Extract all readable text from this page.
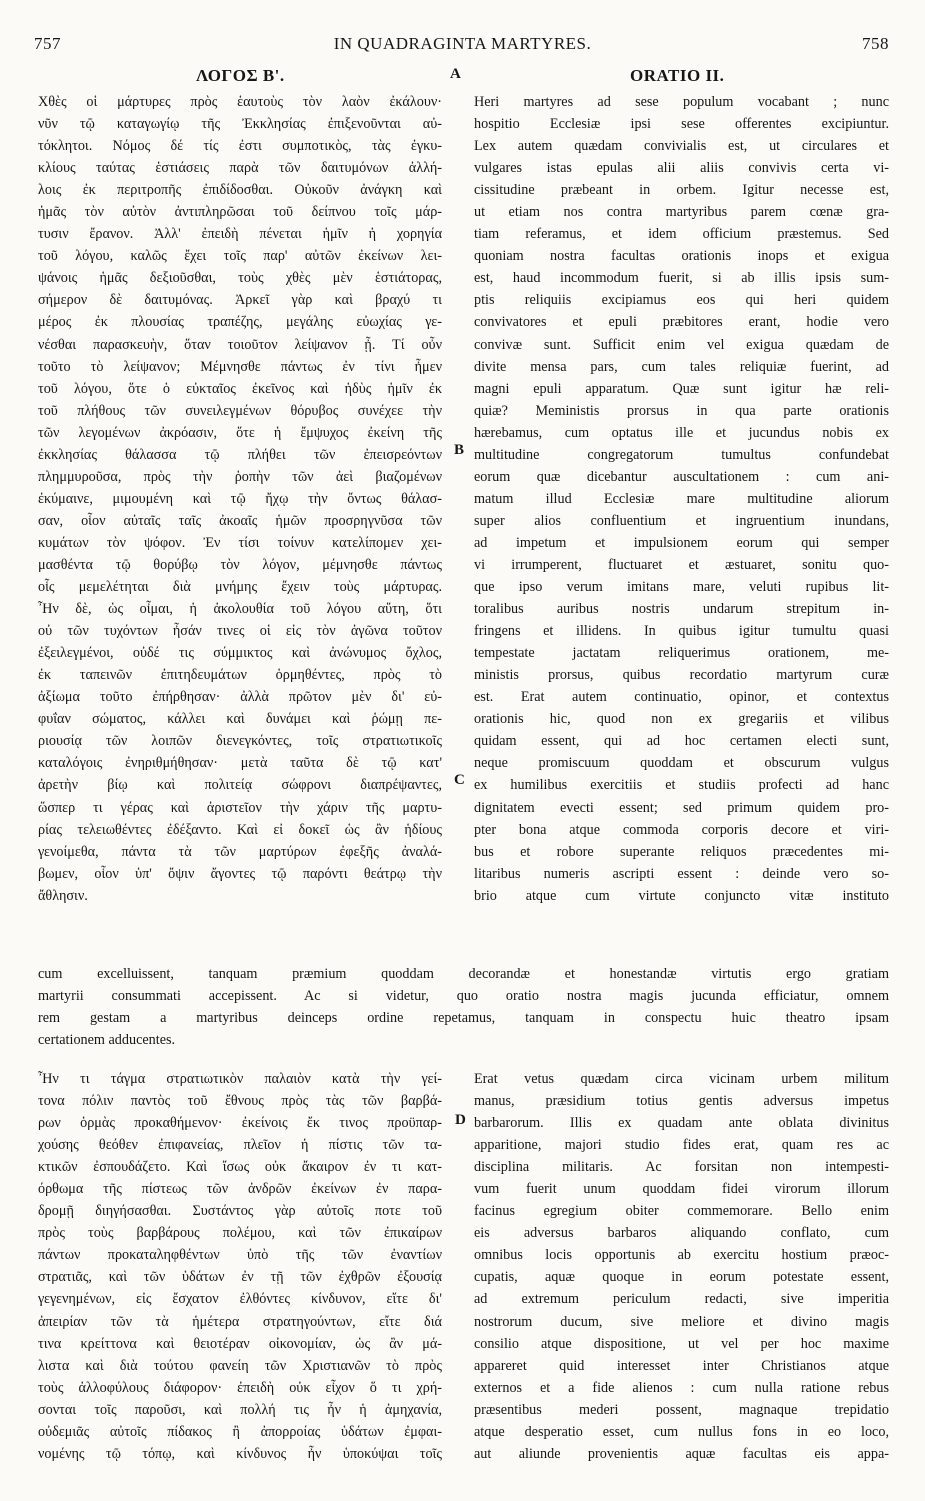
757	IN QUADRAGINTA MARTYRES.	758
ΛΟΓΟΣ Β'.	ORATIO II.
A
B
C
D
Χθὲς οἱ μάρτυρες πρὸς ἑαυτοὺς τὸν λαὸν ἐκάλουν·
νῦν τῷ καταγωγίῳ τῆς Ἐκκλησίας ἐπιξενοῦνται αὐ-
τόκλητοι. Νόμος δέ τίς ἐστι συμποτικὸς, τὰς ἐγκυ-
κλίους ταύτας ἑστιάσεις παρὰ τῶν δαιτυμόνων ἀλλή-
λοις ἐκ περιτροπῆς ἐπιδίδοσθαι. Οὐκοῦν ἀνάγκη καὶ
ἡμᾶς τὸν αὐτὸν ἀντιπληρῶσαι τοῦ δείπνου τοῖς μάρ-
τυσιν ἔρανον. Ἀλλ' ἐπειδὴ πένεται ἡμῖν ἡ χορηγία
τοῦ λόγου, καλῶς ἔχει τοῖς παρ' αὐτῶν ἐκείνων λει-
ψάνοις ἡμᾶς δεξιοῦσθαι, τοὺς χθὲς μὲν ἑστιάτορας,
σήμερον δὲ δαιτυμόνας. Ἀρκεῖ γὰρ καὶ βραχύ τι
μέρος ἐκ πλουσίας τραπέζης, μεγάλης εὐωχίας γε-
νέσθαι παρασκευὴν, ὅταν τοιοῦτον λείψανον ᾖ. Τί οὖν
τοῦτο τὸ λείψανον; Μέμνησθε πάντως ἐν τίνι ἦμεν
τοῦ λόγου, ὅτε ὁ εὐκταῖος ἐκεῖνος καὶ ἡδὺς ἡμῖν ἐκ
τοῦ πλήθους τῶν συνειλεγμένων θόρυβος συνέχεε τὴν
τῶν λεγομένων ἀκρόασιν, ὅτε ἡ ἔμψυχος ἐκείνη τῆς
ἐκκλησίας θάλασσα τῷ πλήθει τῶν ἐπεισρεόντων
πλημμυροῦσα, πρὸς τὴν ῥοπὴν τῶν ἀεὶ βιαζομένων
ἐκύμαινε, μιμουμένη καὶ τῷ ἤχῳ τὴν ὄντως θάλασ-
σαν, οἷον αὐταῖς ταῖς ἀκοαῖς ἡμῶν προσρηγνῦσα τῶν
κυμάτων τὸν ψόφον. Ἐν τίσι τοίνυν κατελίπομεν χει-
μασθέντα τῷ θορύβῳ τὸν λόγον, μέμνησθε πάντως
οἷς μεμελέτηται διὰ μνήμης ἔχειν τοὺς μάρτυρας.
Ἦν δὲ, ὡς οἶμαι, ἡ ἀκολουθία τοῦ λόγου αὕτη, ὅτι
οὐ τῶν τυχόντων ἦσάν τινες οἱ εἰς τὸν ἀγῶνα τοῦτον
ἐξειλεγμένοι, οὐδέ τις σύμμικτος καὶ ἀνώνυμος ὄχλος,
ἐκ ταπεινῶν ἐπιτηδευμάτων ὁρμηθέντες, πρὸς τὸ
ἀξίωμα τοῦτο ἐπήρθησαν· ἀλλὰ πρῶτον μὲν δι' εὐ-
φυΐαν σώματος, κάλλει καὶ δυνάμει καὶ ῥώμῃ πε-
ριουσίᾳ τῶν λοιπῶν διενεγκόντες, τοῖς στρατιωτικοῖς
καταλόγοις ἐνηριθμήθησαν· μετὰ ταῦτα δὲ τῷ κατ'
ἀρετὴν βίῳ καὶ πολιτείᾳ σώφρονι διαπρέψαντες,
ὥσπερ τι γέρας καὶ ἀριστεῖον τὴν χάριν τῆς μαρτυ-
ρίας τελειωθέντες ἐδέξαντο. Καὶ εἰ δοκεῖ ὡς ἂν ἡδίους
γενοίμεθα, πάντα τὰ τῶν μαρτύρων ἐφεξῆς ἀναλά-
βωμεν, οἷον ὑπ' ὄψιν ἄγοντες τῷ παρόντι θεάτρῳ τὴν
ἄθλησιν.
Heri martyres ad sese populum vocabant ; nunc
hospitio Ecclesiæ ipsi sese offerentes excipiuntur.
Lex autem quædam convivialis est, ut circulares et
vulgares istas epulas alii aliis convivis certa vi-
cissitudine præbeant in orbem. Igitur necesse est,
ut etiam nos contra martyribus parem cœnæ gra-
tiam referamus, et idem officium præstemus. Sed
quoniam nostra facultas orationis inops et exigua
est, haud incommodum fuerit, si ab illis ipsis sum-
ptis reliquiis excipiamus eos qui heri quidem
convivatores et epuli præbitores erant, hodie vero
convivæ sunt. Sufficit enim vel exigua quædam de
divite mensa pars, cum tales reliquiæ fuerint, ad
magni epuli apparatum. Quæ sunt igitur hæ reli-
quiæ? Meministis prorsus in qua parte orationis
hærebamus, cum optatus ille et jucundus nobis ex
multitudine congregatorum tumultus confundebat
eorum quæ dicebantur auscultationem : cum ani-
matum illud Ecclesiæ mare multitudine aliorum
super alios confluentium et ingruentium inundans,
ad impetum et impulsionem eorum qui semper
vi irrumperent, fluctuaret et æstuaret, sonitu quo-
que ipso verum imitans mare, veluti rupibus lit-
toralibus auribus nostris undarum strepitum in-
fringens et illidens. In quibus igitur tumultu quasi
tempestate jactatam reliquerimus orationem, me-
ministis prorsus, quibus recordatio martyrum curæ
est. Erat autem continuatio, opinor, et contextus
orationis hic, quod non ex gregariis et vilibus
quidam essent, qui ad hoc certamen electi sunt,
neque promiscuum quoddam et obscurum vulgus
ex humilibus exercitiis et studiis profecti ad hanc
dignitatem evecti essent; sed primum quidem pro-
pter bona atque commoda corporis decore et viri-
bus et robore superante reliquos præcedentes mi-
litaribus numeris ascripti essent : deinde vero so-
brio atque cum virtute conjuncto vitæ instituto
cum excelluissent, tanquam præmium quoddam decorandæ et honestandæ virtutis ergo gratiam
martyrii consummati accepissent. Ac si videtur, quo oratio nostra magis jucunda efficiatur, omnem
rem gestam a martyribus deinceps ordine repetamus, tanquam in conspectu huic theatro ipsam
certationem adducentes.
Ἦν τι τάγμα στρατιωτικὸν παλαιὸν κατὰ τὴν γεί-
τονα πόλιν παντὸς τοῦ ἔθνους πρὸς τὰς τῶν βαρβά-
ρων ὁρμὰς προκαθήμενον· ἐκείνοις ἔκ τινος προϋπαρ-
χούσης θεόθεν ἐπιφανείας, πλεῖον ἡ πίστις τῶν τα-
κτικῶν ἐσπουδάζετο. Καὶ ἴσως οὐκ ἄκαιρον ἐν τι κατ-
όρθωμα τῆς πίστεως τῶν ἀνδρῶν ἐκείνων ἐν παρα-
δρομῇ διηγήσασθαι. Συστάντος γὰρ αὐτοῖς ποτε τοῦ
πρὸς τοὺς βαρβάρους πολέμου, καὶ τῶν ἐπικαίρων
πάντων προκαταληφθέντων ὑπὸ τῆς τῶν ἐναντίων
στρατιᾶς, καὶ τῶν ὑδάτων ἐν τῇ τῶν ἐχθρῶν ἐξουσίᾳ
γεγενημένων, εἰς ἔσχατον ἐλθόντες κίνδυνον, εἴτε δι'
ἀπειρίαν τῶν τὰ ἡμέτερα στρατηγούντων, εἴτε διά
τινα κρείττονα καὶ θειοτέραν οἰκονομίαν, ὡς ἂν μά-
λιστα καὶ διὰ τούτου φανείη τῶν Χριστιανῶν τὸ πρὸς
τοὺς ἀλλοφύλους διάφορον· ἐπειδὴ οὐκ εἶχον ὅ τι χρή-
σονται τοῖς παροῦσι, καὶ πολλή τις ἦν ἡ ἀμηχανία,
οὐδεμιᾶς αὐτοῖς πίδακος ἢ ἀπορροίας ὑδάτων ἐμφαι-
νομένης τῷ τόπῳ, καὶ κίνδυνος ἦν ὑποκύψαι τοῖς
Erat vetus quædam circa vicinam urbem militum
manus, præsidium totius gentis adversus impetus
barbarorum. Illis ex quadam ante oblata divinitus
apparitione, majori studio fides erat, quam res ac
disciplina militaris. Ac forsitan non intempesti-
vum fuerit unum quoddam fidei virorum illorum
facinus egregium obiter commemorare. Bello enim
eis adversus barbaros aliquando conflato, cum
omnibus locis opportunis ab exercitu hostium præoc-
cupatis, aquæ quoque in eorum potestate essent,
ad extremum periculum redacti, sive imperitia
nostrorum ducum, sive meliore et divino magis
consilio atque dispositione, ut vel per hoc maxime
appareret quid interesset inter Christianos atque
externos et a fide alienos : cum nulla ratione rebus
præsentibus mederi possent, magnaque trepidatio
atque desperatio esset, cum nullus fons in eo loco,
aut aliunde provenientis aquæ facultas eis appa-
